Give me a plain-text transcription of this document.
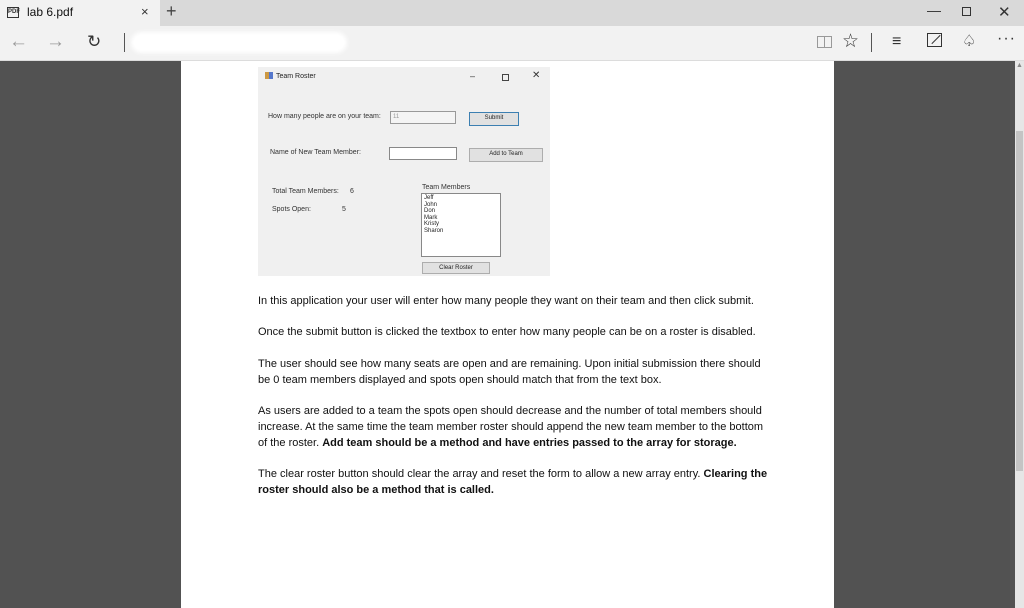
PDF lab 6.pdf	× +	—	✕
← → ↻	☆ ≡	♤ ···
▲
Team Roster	–	✕
How many people are on your team:	11	Submit
Name of New Team Member:	Add to Team
Total Team Members: 6
Spots Open:	5
Team Members
Jeff
John
Don
Mark
Kristy
Sharon
Clear Roster

In this application your user will enter how many people they want on their team and then click submit.

Once the submit button is clicked the textbox to enter how many people can be on a roster is disabled.

The user should see how many seats are open and are remaining. Upon initial submission there should be 0 team members displayed and spots open should match that from the text box.

As users are added to a team the spots open should decrease and the number of total members should increase. At the same time the team member roster should append the new team member to the bottom of the roster. Add team should be a method and have entries passed to the array for storage.

The clear roster button should clear the array and reset the form to allow a new array entry. Clearing the roster should also be a method that is called.
